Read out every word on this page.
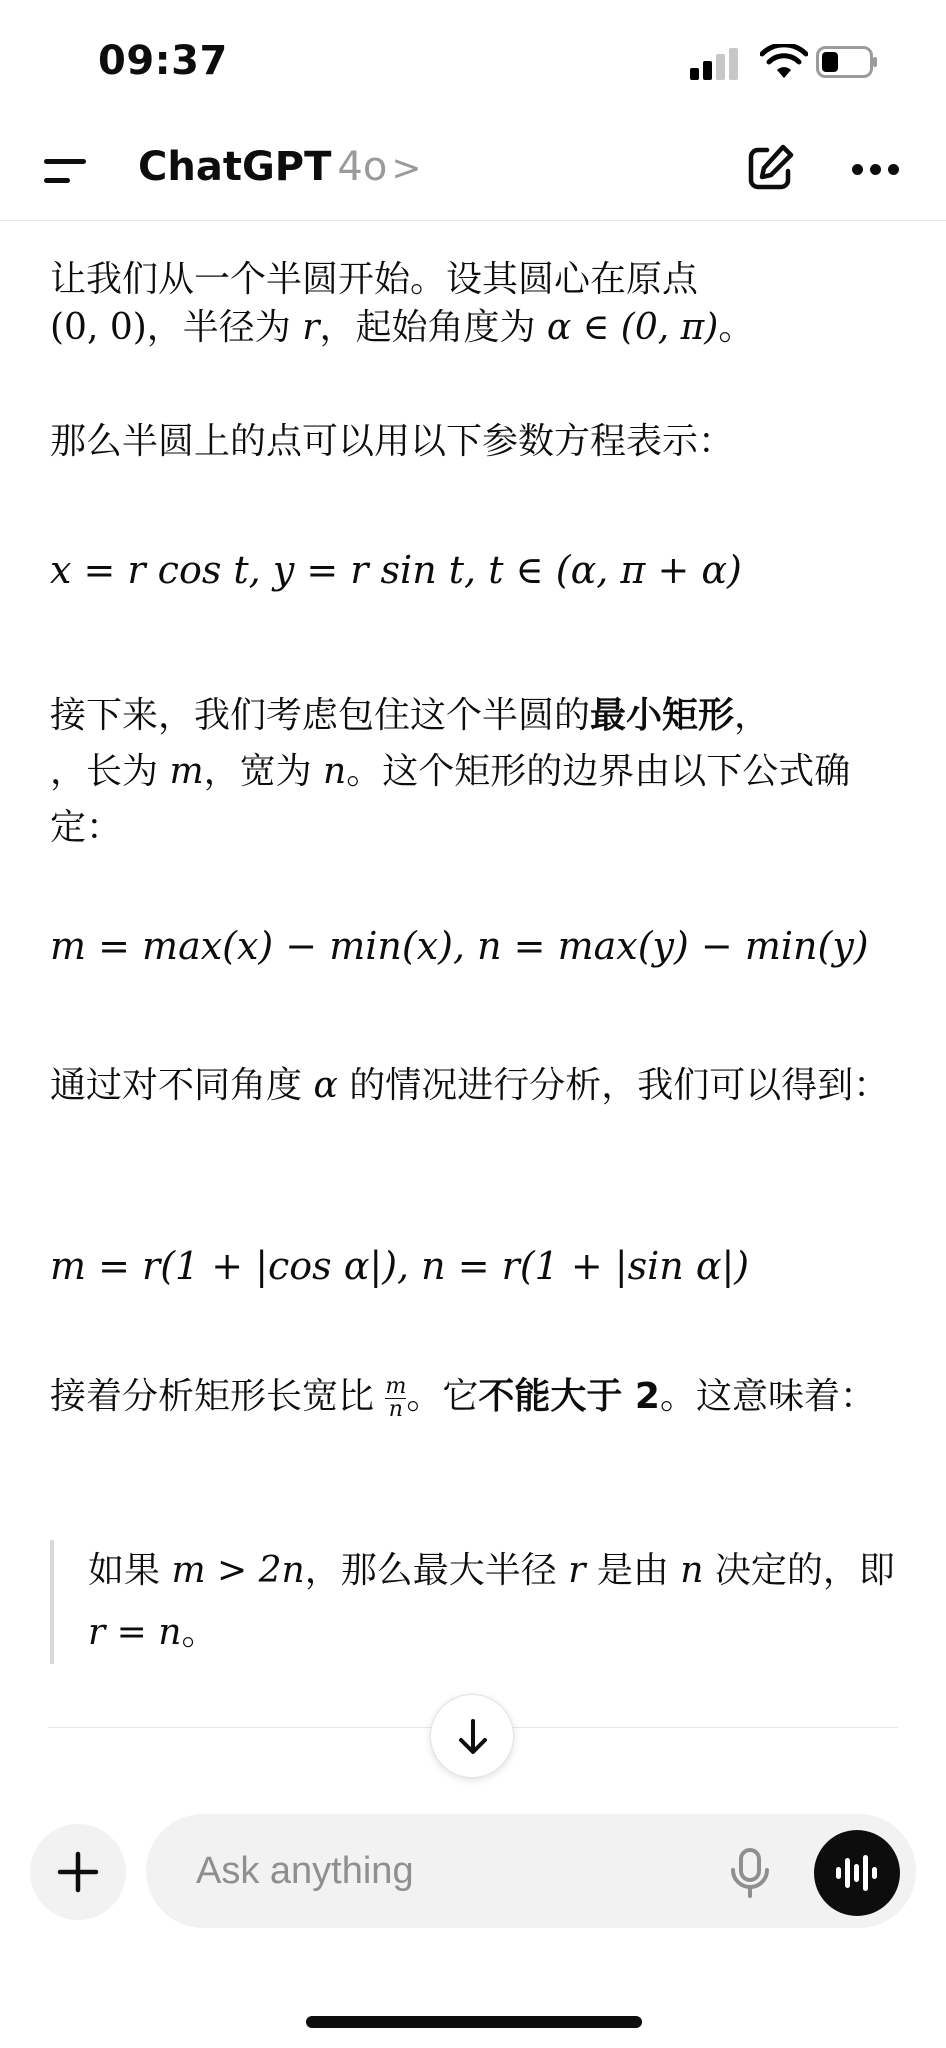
09:37
ChatGPT 4o >

让我们从一个半圆开始。设其圆心在原点
(0, 0)，半径为 r，起始角度为 α ∈ (0, π)。

那么半圆上的点可以用以下参数方程表示：

x = r cos t, y = r sin t, t ∈ (α, π + α)

接下来，我们考虑包住这个半圆的最小矩形，
，长为 m，宽为 n。这个矩形的边界由以下公式确定：

m = max(x) − min(x), n = max(y) − min(y)

通过对不同角度 α 的情况进行分析，我们可以得到：

m = r(1 + |cos α|), n = r(1 + |sin α|)

接着分析矩形长宽比 $\frac{m}{n}$ 。它不能大于 2。这意味着：

如果 m > 2n，那么最大半径 r 是由 n 决定的，即 r = n。
Ask anything
